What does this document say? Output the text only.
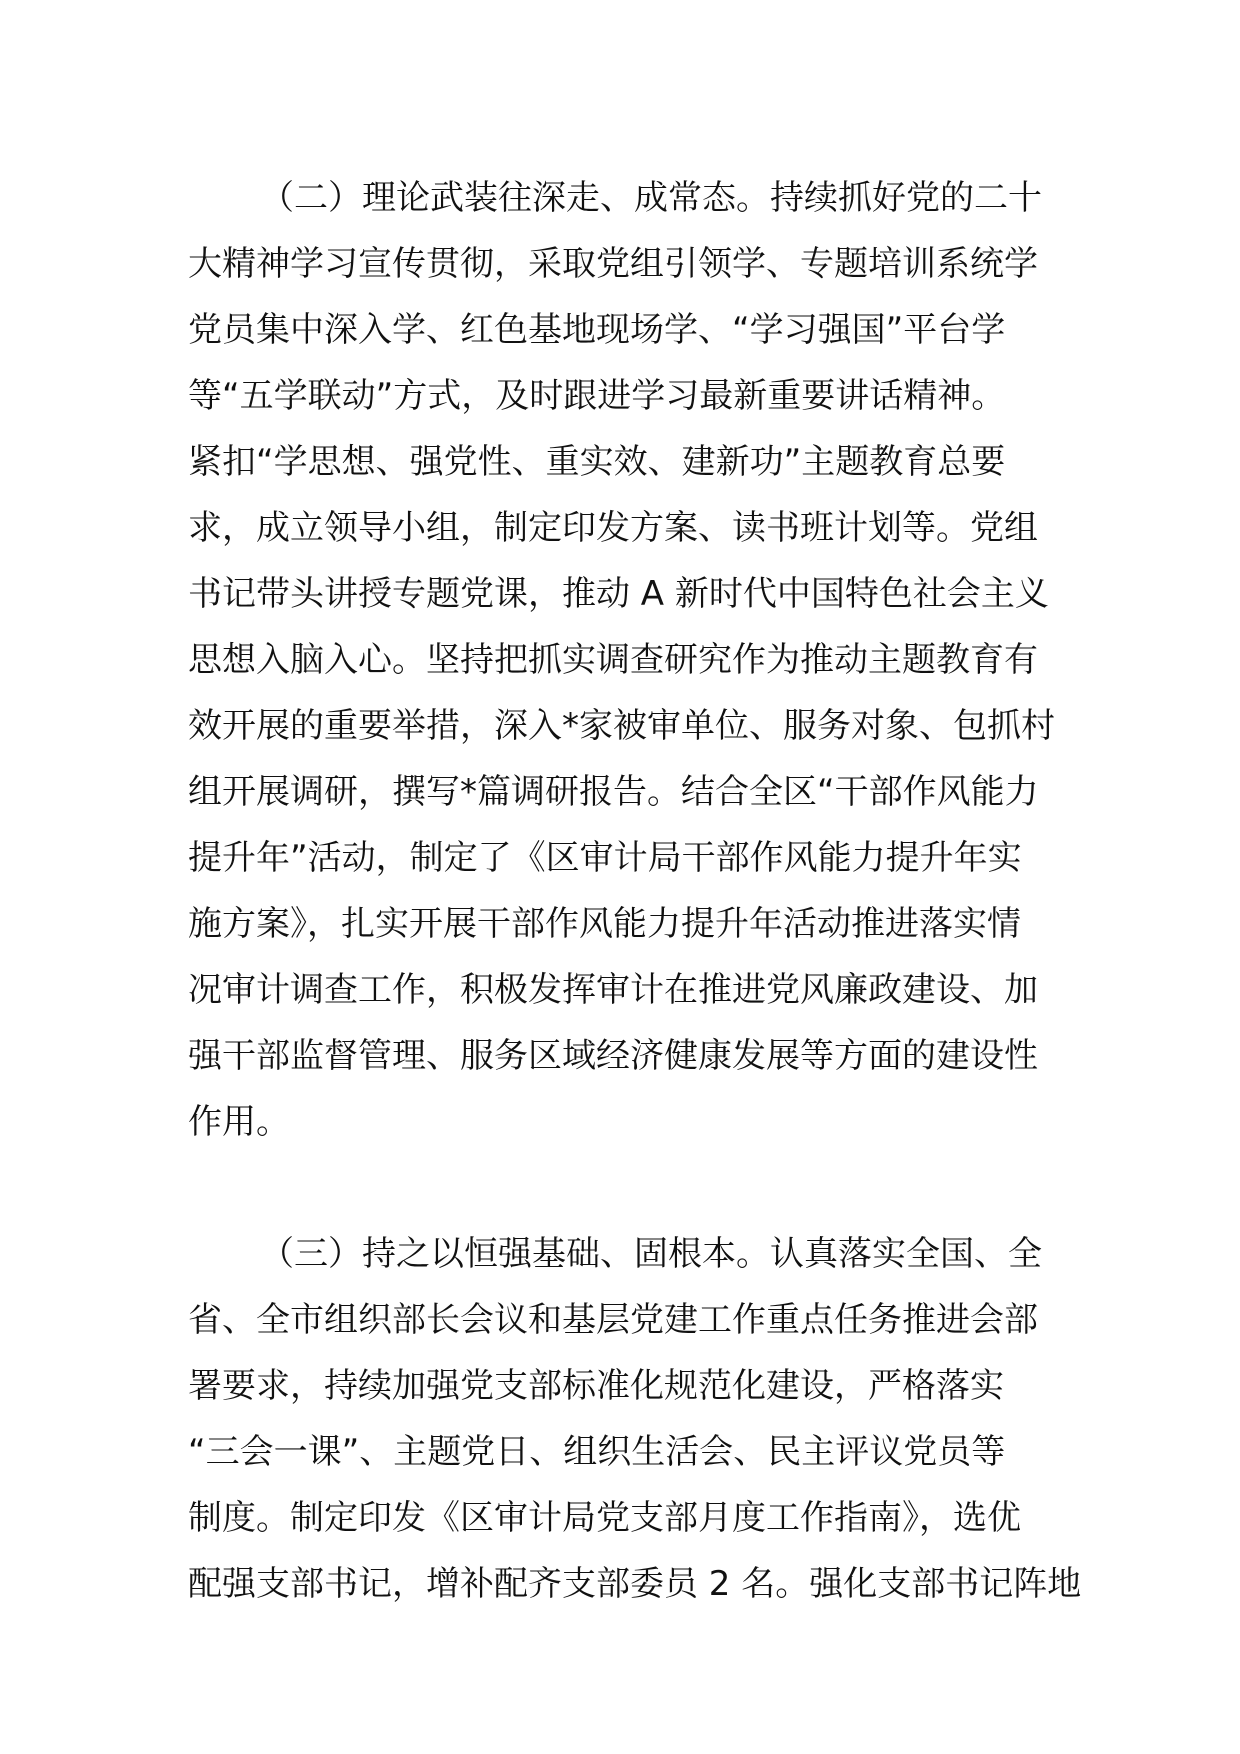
（二）理论武装往深走、成常态。持续抓好党的二十
大精神学习宣传贯彻，采取党组引领学、专题培训系统学
党员集中深入学、红色基地现场学、“学习强国”平台学
等“五学联动”方式，及时跟进学习最新重要讲话精神。
紧扣“学思想、强党性、重实效、建新功”主题教育总要
求，成立领导小组，制定印发方案、读书班计划等。党组
书记带头讲授专题党课，推动 A 新时代中国特色社会主义
思想入脑入心。坚持把抓实调查研究作为推动主题教育有
效开展的重要举措，深入*家被审单位、服务对象、包抓村
组开展调研，撰写*篇调研报告。结合全区“干部作风能力
提升年”活动，制定了《区审计局干部作风能力提升年实
施方案》，扎实开展干部作风能力提升年活动推进落实情
况审计调查工作，积极发挥审计在推进党风廉政建设、加
强干部监督管理、服务区域经济健康发展等方面的建设性
作用。

（三）持之以恒强基础、固根本。认真落实全国、全
省、全市组织部长会议和基层党建工作重点任务推进会部
署要求，持续加强党支部标准化规范化建设，严格落实
“三会一课”、主题党日、组织生活会、民主评议党员等
制度。制定印发《区审计局党支部月度工作指南》，选优
配强支部书记，增补配齐支部委员 2 名。强化支部书记阵地
